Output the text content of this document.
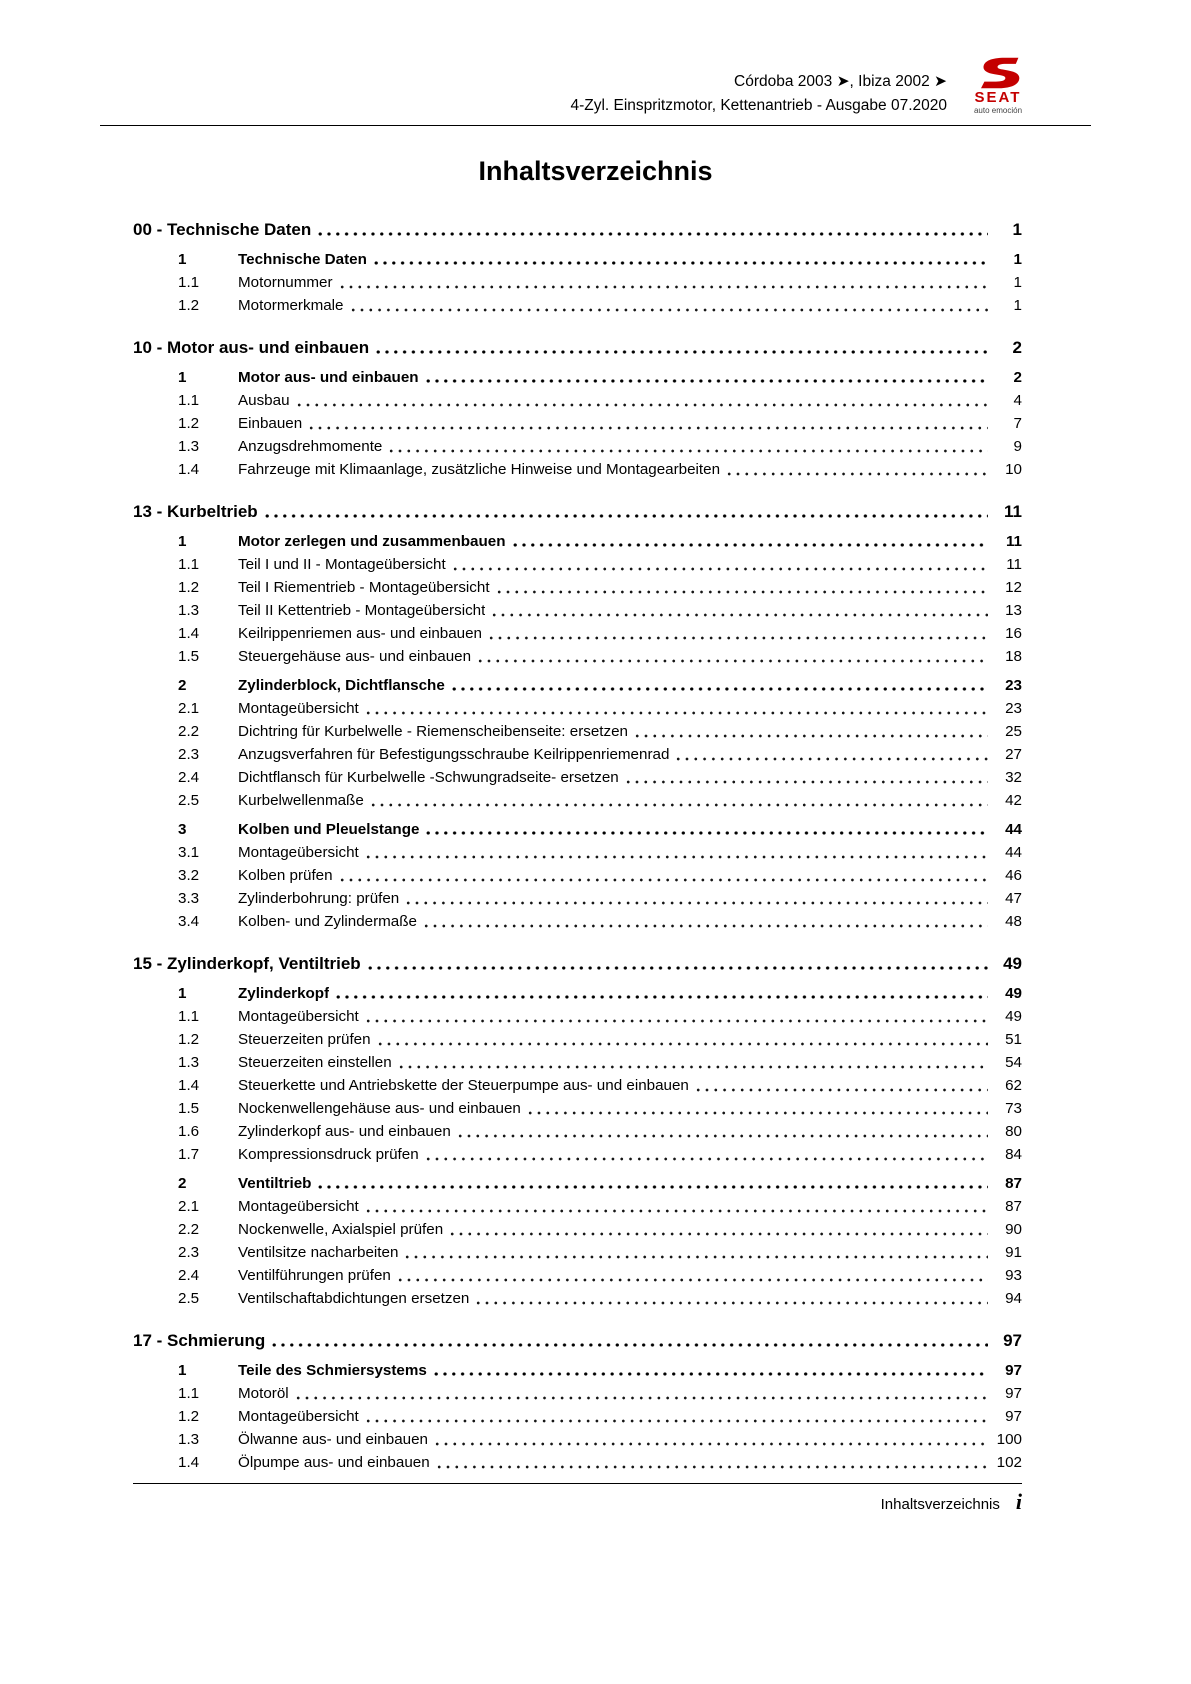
Córdoba 2003 ➤, Ibiza 2002 ➤
4-Zyl. Einspritzmotor, Kettenantrieb - Ausgabe 07.2020	SEAT
auto emoción
Inhaltsverzeichnis
00 - Technische Daten	1
1	Technische Daten	1
1.1	Motornummer	1
1.2	Motormerkmale	1
10 - Motor aus- und einbauen	2
1	Motor aus- und einbauen	2
1.1	Ausbau	4
1.2	Einbauen	7
1.3	Anzugsdrehmomente	9
1.4	Fahrzeuge mit Klimaanlage, zusätzliche Hinweise und Montagearbeiten	10
13 - Kurbeltrieb	11
1	Motor zerlegen und zusammenbauen	11
1.1	Teil I und II - Montageübersicht	11
1.2	Teil I Riementrieb - Montageübersicht	12
1.3	Teil II Kettentrieb - Montageübersicht	13
1.4	Keilrippenriemen aus- und einbauen	16
1.5	Steuergehäuse aus- und einbauen	18
2	Zylinderblock, Dichtflansche	23
2.1	Montageübersicht	23
2.2	Dichtring für Kurbelwelle - Riemenscheibenseite: ersetzen	25
2.3	Anzugsverfahren für Befestigungsschraube Keilrippenriemenrad	27
2.4	Dichtflansch für Kurbelwelle -Schwungradseite- ersetzen	32
2.5	Kurbelwellenmaße	42
3	Kolben und Pleuelstange	44
3.1	Montageübersicht	44
3.2	Kolben prüfen	46
3.3	Zylinderbohrung: prüfen	47
3.4	Kolben- und Zylindermaße	48
15 - Zylinderkopf, Ventiltrieb	49
1	Zylinderkopf	49
1.1	Montageübersicht	49
1.2	Steuerzeiten prüfen	51
1.3	Steuerzeiten einstellen	54
1.4	Steuerkette und Antriebskette der Steuerpumpe aus- und einbauen	62
1.5	Nockenwellengehäuse aus- und einbauen	73
1.6	Zylinderkopf aus- und einbauen	80
1.7	Kompressionsdruck prüfen	84
2	Ventiltrieb	87
2.1	Montageübersicht	87
2.2	Nockenwelle, Axialspiel prüfen	90
2.3	Ventilsitze nacharbeiten	91
2.4	Ventilführungen prüfen	93
2.5	Ventilschaftabdichtungen ersetzen	94
17 - Schmierung	97
1	Teile des Schmiersystems	97
1.1	Motoröl	97
1.2	Montageübersicht	97
1.3	Ölwanne aus- und einbauen	100
1.4	Ölpumpe aus- und einbauen	102
Inhaltsverzeichnis i
